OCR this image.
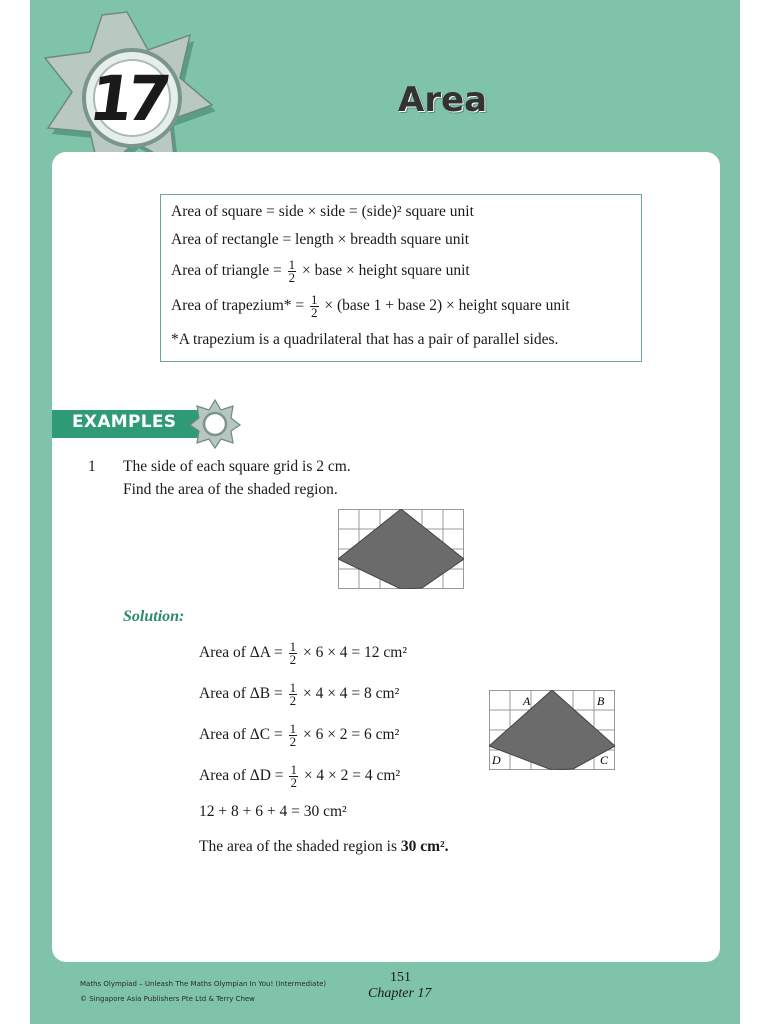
17	Area
Area of square = side × side = (side)² square unit
Area of rectangle = length × breadth square unit
Area of triangle = $\frac{1}{2}$ × base × height square unit
Area of trapezium* = $\frac{1}{2}$ × (base 1 + base 2) × height square unit
*A trapezium is a quadrilateral that has a pair of parallel sides.
EXAMPLES
1 The side of each square grid is 2 cm.
Find the area of the shaded region.
Solution:
Area of $\Delta A = \frac{1}{2} \times 6 \times 4 = 12$ cm²
Area of $\Delta B = \frac{1}{2} \times 4 \times 4 = 8$ cm²
Area of $\Delta C = \frac{1}{2} \times 6 \times 2 = 6$ cm²
Area of $\Delta D = \frac{1}{2} \times 4 \times 2 = 4$ cm²
12 + 8 + 6 + 4 = 30 cm²
The area of the shaded region is 30 cm².
A	B
D	C
Maths Olympiad – Unleash The Maths Olympian In You! (Intermediate)
© Singapore Asia Publishers Pte Ltd & Terry Chew
151
Chapter 17
